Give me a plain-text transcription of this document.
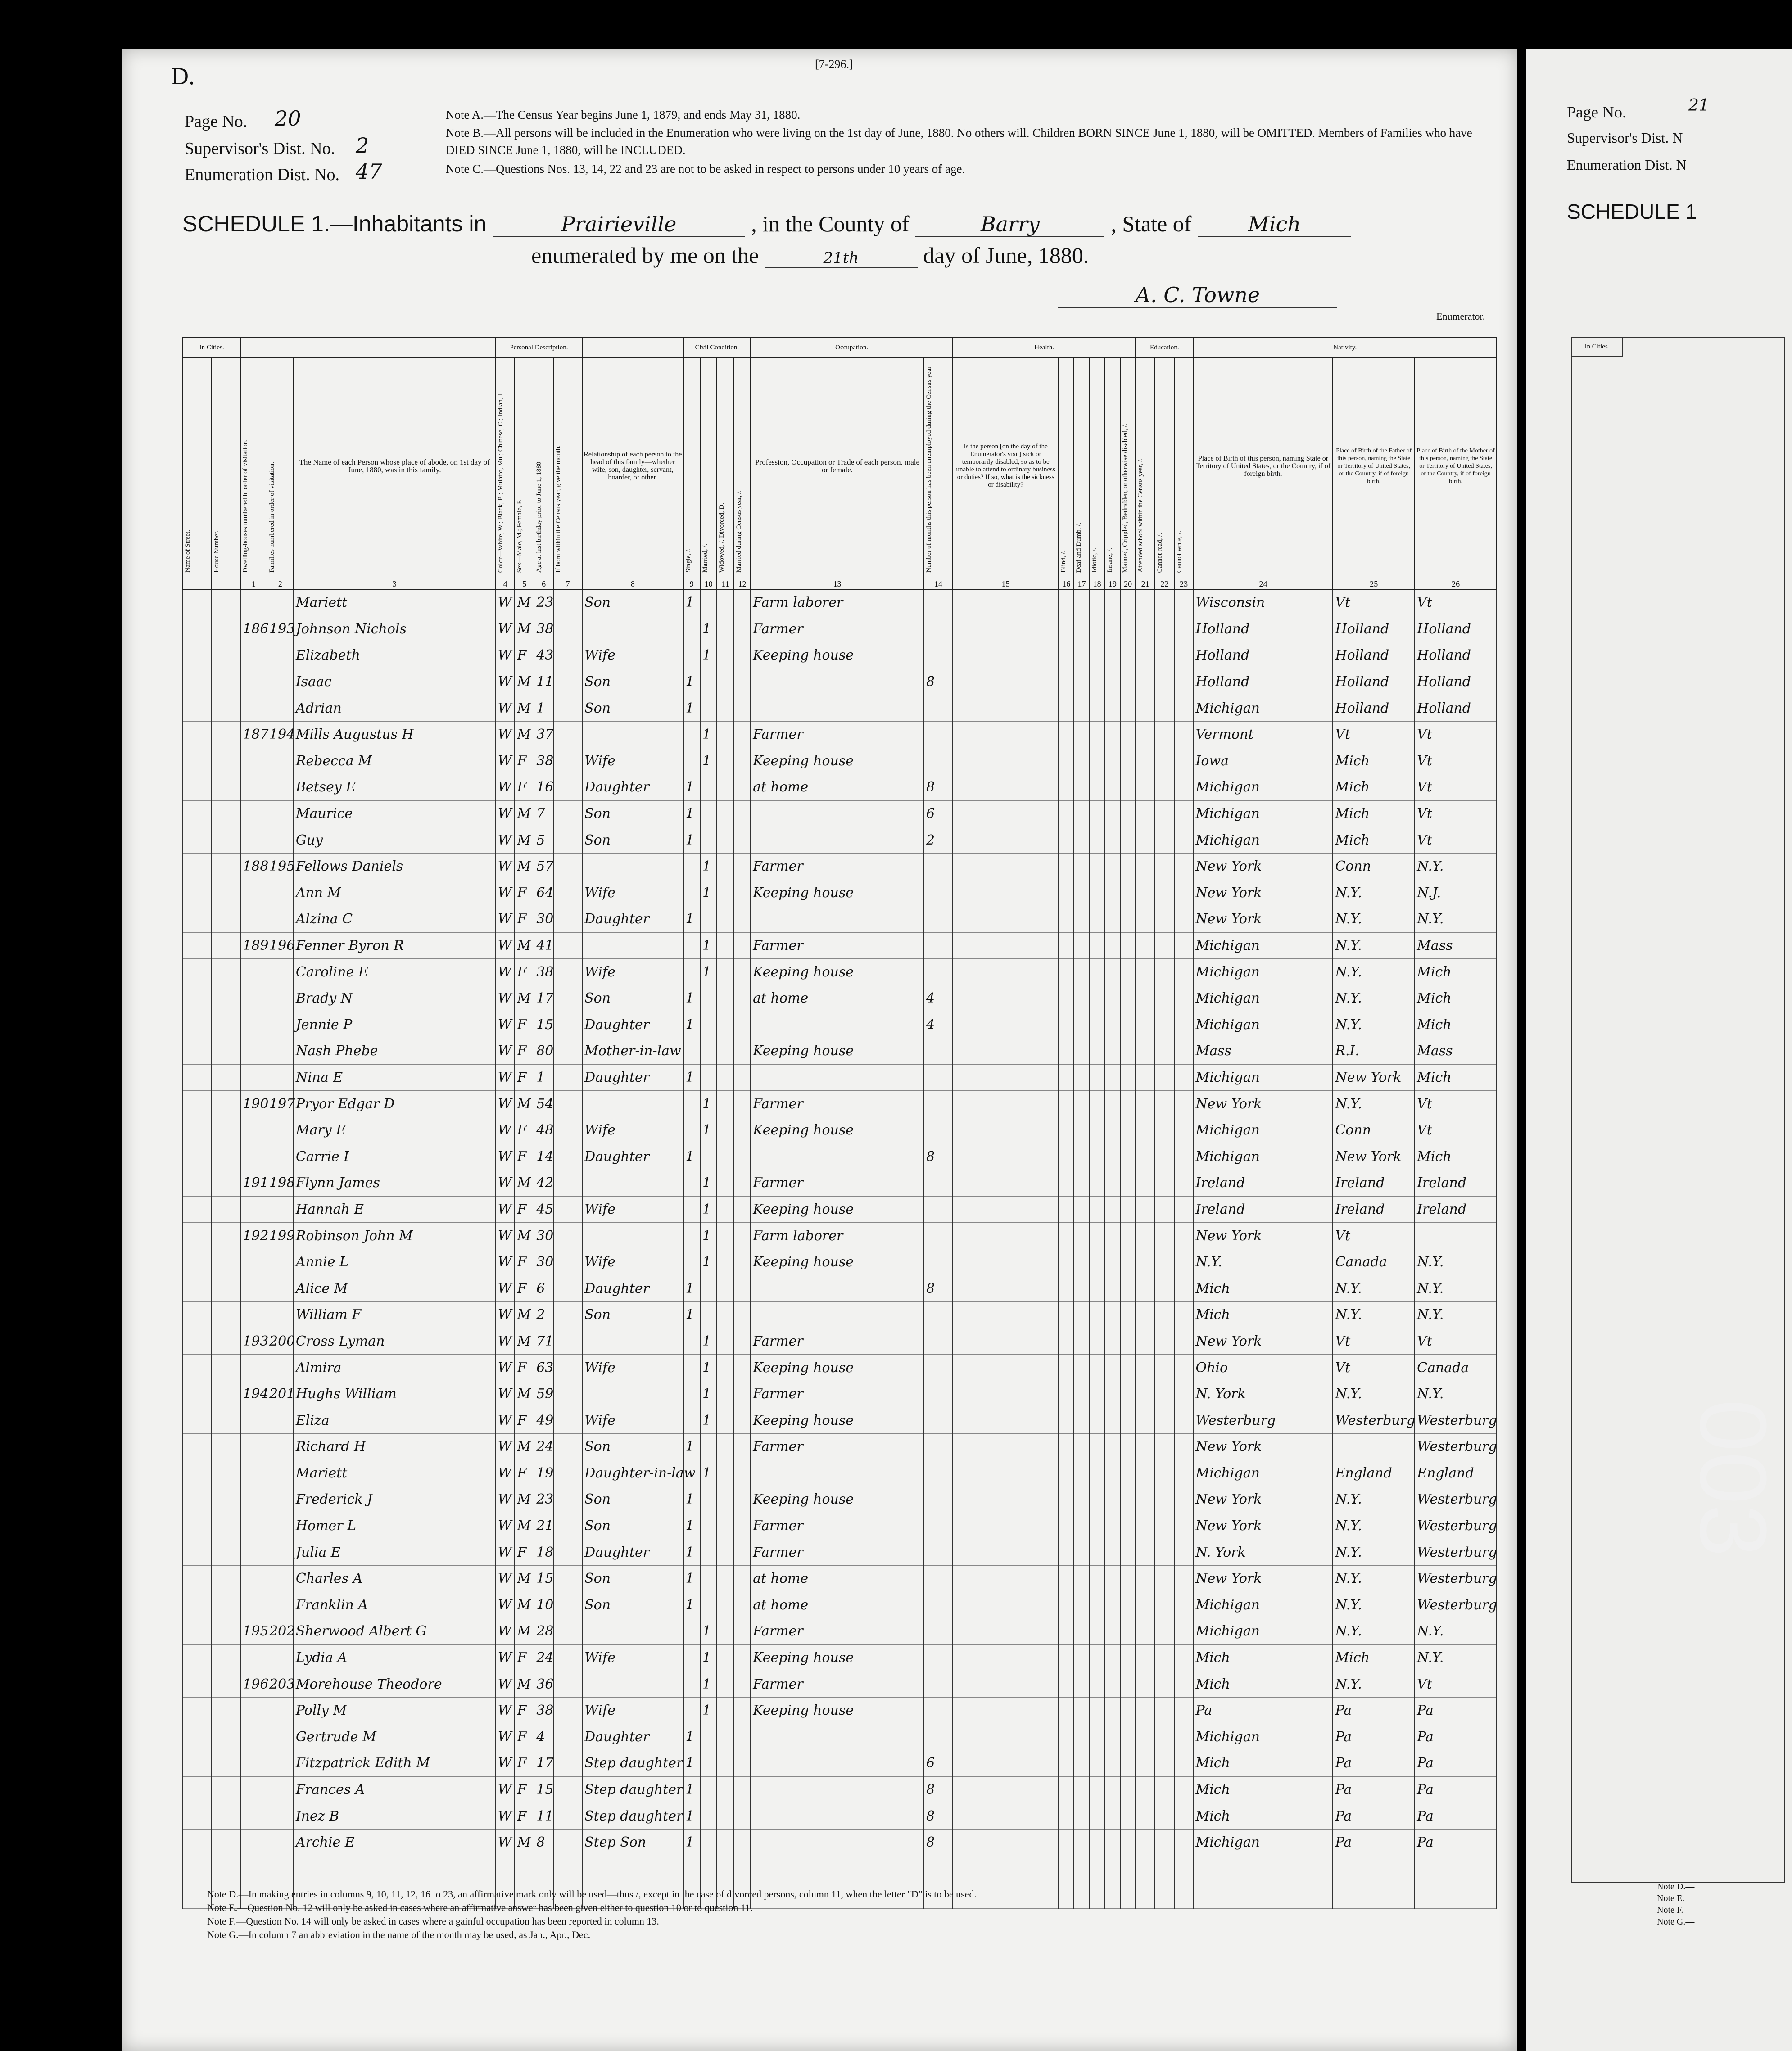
D.	[7-296.]
Page No. 20
Supervisor's Dist. No. 2
Enumeration Dist. No. 47
Note A.—The Census Year begins June 1, 1879, and ends May 31, 1880.
Note B.—All persons will be included in the Enumeration who were living on the 1st day of June, 1880. No others will. Children BORN SINCE June 1, 1880, will be OMITTED. Members of Families who have DIED SINCE June 1, 1880, will be INCLUDED.
Note C.—Questions Nos. 13, 14, 22 and 23 are not to be asked in respect to persons under 10 years of age.
SCHEDULE 1.—Inhabitants in	Prairieville	, in the County of	Barry	, State of	Mich
enumerated by me on the	21th	day of June, 1880.
A. C. Towne
Enumerator.
In Cities.					Personal Description.					Civil Condition.				Occupation.		Health.						Education.			Nativity.		

Name of Street.	House Number.	Dwelling-houses numbered in order of visitation.	Families numbered in order of visitation.	The Name of each Person whose place of abode, on 1st day of June, 1880, was in this family.	Color—White, W.; Black, B.; Mulatto, Mu.; Chinese, C.; Indian, I.	Sex—Male, M.; Female, F.	Age at last birthday prior to June 1, 1880.	If born within the Census year, give the month.	Relationship of each person to the head of this family—whether wife, son, daughter, servant, boarder, or other.	Single, /.	Married, /.	Widowed, /. Divorced, D.	Married during Census year, /.	Profession, Occupation or Trade of each person, male or female.	Number of months this person has been unemployed during the Census year.	Is the person [on the day of the Enumerator's visit] sick or temporarily disabled, so as to be unable to attend to ordinary business or duties? If so, what is the sickness or disability?	Blind, /.	Deaf and Dumb, /.	Idiotic, /.	Insane, /.	Maimed, Crippled, Bedridden, or otherwise disabled, /.	Attended school within the Census year, /.	Cannot read, /.	Cannot write, /.	Place of Birth of this person, naming State or Territory of United States, or the Country, if of foreign birth.	Place of Birth of the Father of this person, naming the State or Territory of United States, or the Country, if of foreign birth.	Place of Birth of the Mother of this person, naming the State or Territory of United States, or the Country, if of foreign birth.
		1	2	3	4	5	6	7	8	9	10	11	12	13	14	15	16	17	18	19	20	21	22	23	24	25	26
				Mariett	W	M	23		Son	1				Farm laborer											Wisconsin	Vt	Vt
		186	193	Johnson Nichols	W	M	38				1			Farmer											Holland	Holland	Holland
				Elizabeth	W	F	43		Wife		1			Keeping house											Holland	Holland	Holland
				Isaac	W	M	11		Son	1					8										Holland	Holland	Holland
				Adrian	W	M	1		Son	1															Michigan	Holland	Holland
		187	194	Mills Augustus H	W	M	37				1			Farmer											Vermont	Vt	Vt
				Rebecca M	W	F	38		Wife		1			Keeping house											Iowa	Mich	Vt
				Betsey E	W	F	16		Daughter	1				at home	8										Michigan	Mich	Vt
				Maurice	W	M	7		Son	1					6										Michigan	Mich	Vt
				Guy	W	M	5		Son	1					2										Michigan	Mich	Vt
		188	195	Fellows Daniels	W	M	57				1			Farmer											New York	Conn	N.Y.
				Ann M	W	F	64		Wife		1			Keeping house											New York	N.Y.	N.J.
				Alzina C	W	F	30		Daughter	1															New York	N.Y.	N.Y.
		189	196	Fenner Byron R	W	M	41				1			Farmer											Michigan	N.Y.	Mass
				Caroline E	W	F	38		Wife		1			Keeping house											Michigan	N.Y.	Mich
				Brady N	W	M	17		Son	1				at home	4										Michigan	N.Y.	Mich
				Jennie P	W	F	15		Daughter	1					4										Michigan	N.Y.	Mich
				Nash Phebe	W	F	80		Mother-in-law					Keeping house											Mass	R.I.	Mass
				Nina E	W	F	1		Daughter	1															Michigan	New York	Mich
		190	197	Pryor Edgar D	W	M	54				1			Farmer											New York	N.Y.	Vt
				Mary E	W	F	48		Wife		1			Keeping house											Michigan	Conn	Vt
				Carrie I	W	F	14		Daughter	1					8										Michigan	New York	Mich
		191	198	Flynn James	W	M	42				1			Farmer											Ireland	Ireland	Ireland
				Hannah E	W	F	45		Wife		1			Keeping house											Ireland	Ireland	Ireland
		192	199	Robinson John M	W	M	30				1			Farm laborer											New York	Vt	
				Annie L	W	F	30		Wife		1			Keeping house											N.Y.	Canada	N.Y.
				Alice M	W	F	6		Daughter	1					8										Mich	N.Y.	N.Y.
				William F	W	M	2		Son	1															Mich	N.Y.	N.Y.
		193	200	Cross Lyman	W	M	71				1			Farmer											New York	Vt	Vt
				Almira	W	F	63		Wife		1			Keeping house											Ohio	Vt	Canada
		194	201	Hughs William	W	M	59				1			Farmer											N. York	N.Y.	N.Y.
				Eliza	W	F	49		Wife		1			Keeping house											Westerburg	Westerburg	Westerburg
				Richard H	W	M	24		Son	1				Farmer											New York		Westerburg
				Mariett	W	F	19		Daughter-in-law		1														Michigan	England	England
				Frederick J	W	M	23		Son	1				Keeping house											New York	N.Y.	Westerburg
				Homer L	W	M	21		Son	1				Farmer											New York	N.Y.	Westerburg
				Julia E	W	F	18		Daughter	1				Farmer											N. York	N.Y.	Westerburg
				Charles A	W	M	15		Son	1				at home											New York	N.Y.	Westerburg
				Franklin A	W	M	10		Son	1				at home											Michigan	N.Y.	Westerburg
		195	202	Sherwood Albert G	W	M	28				1			Farmer											Michigan	N.Y.	N.Y.
				Lydia A	W	F	24		Wife		1			Keeping house											Mich	Mich	N.Y.
		196	203	Morehouse Theodore	W	M	36				1			Farmer											Mich	N.Y.	Vt
				Polly M	W	F	38		Wife		1			Keeping house											Pa	Pa	Pa
				Gertrude M	W	F	4		Daughter	1															Michigan	Pa	Pa
				Fitzpatrick Edith M	W	F	17		Step daughter	1					6										Mich	Pa	Pa
				Frances A	W	F	15		Step daughter	1					8										Mich	Pa	Pa
				Inez B	W	F	11		Step daughter	1					8										Mich	Pa	Pa
				Archie E	W	M	8		Step Son	1					8										Michigan	Pa	Pa

Note D.—In making entries in columns 9, 10, 11, 12, 16 to 23, an affirmative mark only will be used—thus /, except in the case of divorced persons, column 11, when the letter "D" is to be used.
Note E.—Question No. 12 will only be asked in cases where an affirmative answer has been given either to question 10 or to question 11.
Note F.—Question No. 14 will only be asked in cases where a gainful occupation has been reported in column 13.
Note G.—In column 7 an abbreviation in the name of the month may be used, as Jan., Apr., Dec.
Page No.	21
Supervisor's Dist. N
Enumeration Dist. N
SCHEDULE 1
In Cities.
Note D.—
Note E.—
Note F.—
Note G.—
003
